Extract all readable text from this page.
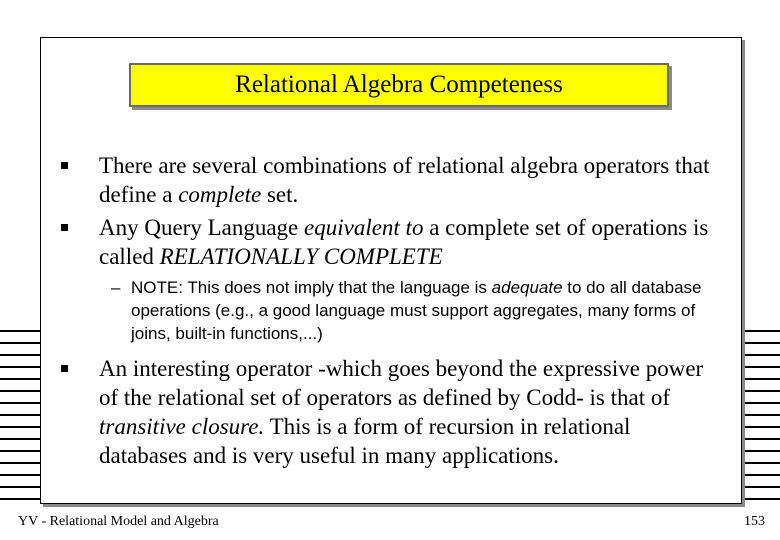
Relational Algebra Competeness
There are several combinations of relational algebra operators that define a complete set.
Any Query Language equivalent to a complete set of operations is called RELATIONALLY COMPLETE
– NOTE: This does not imply that the language is adequate to do all database operations (e.g., a good language must support aggregates, many forms of joins, built-in functions,...)
An interesting operator -which goes beyond the expressive power of the relational set of operators as defined by Codd- is that of transitive closure. This is a form of recursion in relational databases and is very useful in many applications.
YV - Relational Model and Algebra	153
